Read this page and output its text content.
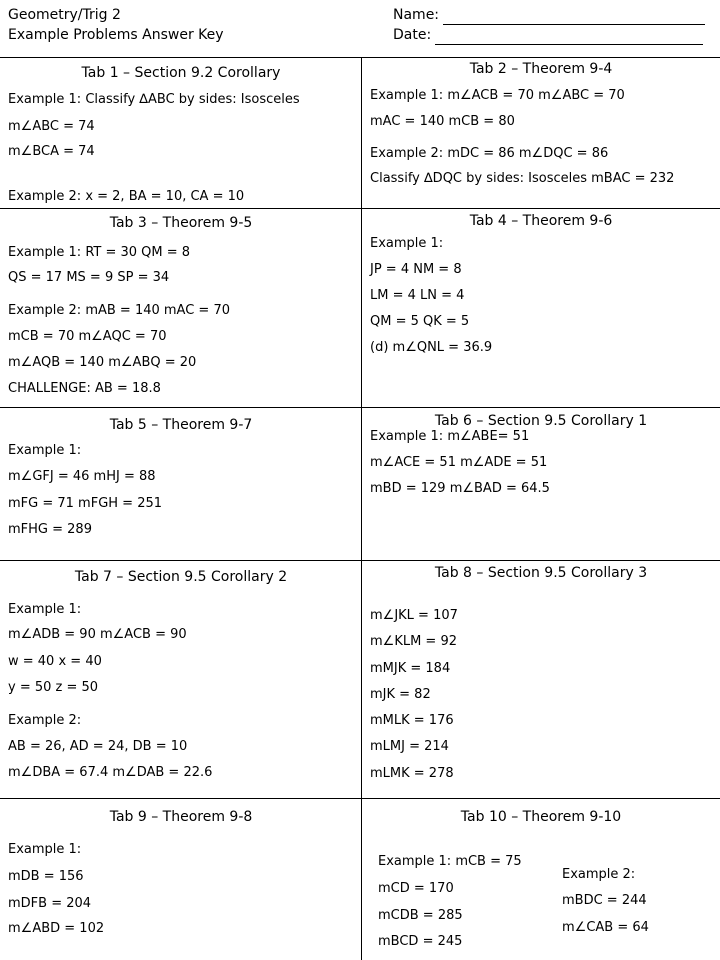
Geometry/Trig 2
Example Problems Answer Key
Name:
Date:
Tab 1 – Section 9.2 Corollary
Example 1: Classify ∆ABC by sides: Isosceles
m∠ABC = 74
m∠BCA = 74
Example 2: x = 2, BA = 10, CA = 10
Tab 2 – Theorem 9-4
Example 1: m∠ACB = 70 m∠ABC = 70
mAC = 140 mCB = 80
Example 2: mDC = 86 m∠DQC = 86
Classify ∆DQC by sides: Isosceles mBAC = 232
Tab 3 – Theorem 9-5
Example 1: RT = 30 QM = 8
QS = 17 MS = 9 SP = 34
Example 2: mAB = 140 mAC = 70
mCB = 70 m∠AQC = 70
m∠AQB = 140 m∠ABQ = 20
CHALLENGE: AB = 18.8
Tab 4 – Theorem 9-6
Example 1:
JP = 4 NM = 8
LM = 4 LN = 4
QM = 5 QK = 5
(d) m∠QNL = 36.9
Tab 5 – Theorem 9-7
Example 1:
m∠GFJ = 46 mHJ = 88
mFG = 71 mFGH = 251
mFHG = 289
Tab 6 – Section 9.5 Corollary 1
Example 1: m∠ABE= 51
m∠ACE = 51 m∠ADE = 51
mBD = 129 m∠BAD = 64.5
Tab 7 – Section 9.5 Corollary 2
Example 1:
m∠ADB = 90 m∠ACB = 90
w = 40 x = 40
y = 50 z = 50
Example 2:
AB = 26, AD = 24, DB = 10
m∠DBA = 67.4 m∠DAB = 22.6
Tab 8 – Section 9.5 Corollary 3
m∠JKL = 107
m∠KLM = 92
mMJK = 184
mJK = 82
mMLK = 176
mLMJ = 214
mLMK = 278
Tab 9 – Theorem 9-8
Example 1:
mDB = 156
mDFB = 204
m∠ABD = 102
Tab 10 – Theorem 9-10
Example 1: mCB = 75
mCD = 170
mCDB = 285
mBCD = 245
Example 2:
mBDC = 244
m∠CAB = 64
